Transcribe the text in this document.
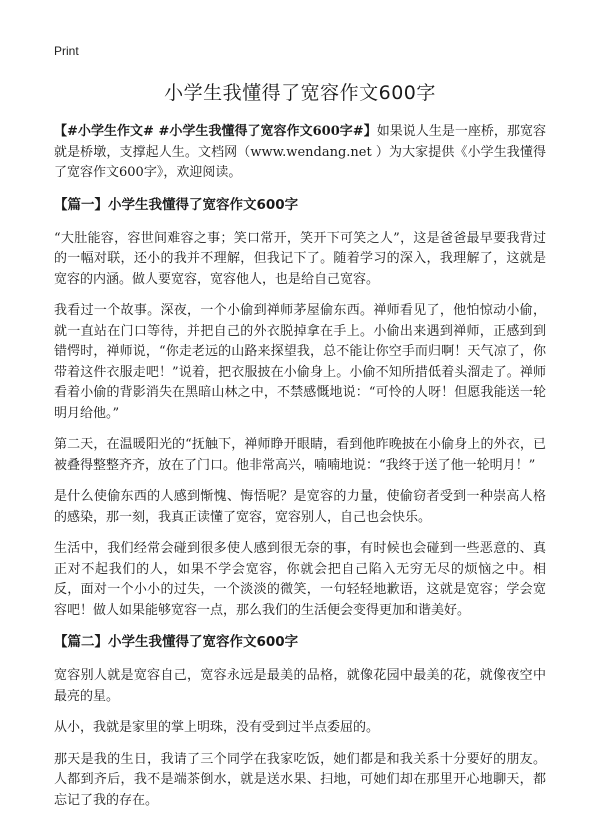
Print
小学生我懂得了宽容作文600字

【#小学生作文# #小学生我懂得了宽容作文600字#】如果说人生是一座桥，那宽容就是桥墩，支撑起人生。文档网（www.wendang.net ）为大家提供《小学生我懂得了宽容作文600字》，欢迎阅读。

【篇一】小学生我懂得了宽容作文600字

“大肚能容，容世间难容之事；笑口常开，笑开下可笑之人”，这是爸爸最早要我背过的一幅对联，还小的我并不理解，但我记下了。随着学习的深入，我理解了，这就是宽容的内涵。做人要宽容，宽容他人，也是给自己宽容。

我看过一个故事。深夜，一个小偷到禅师茅屋偷东西。禅师看见了，他怕惊动小偷，就一直站在门口等待，并把自己的外衣脱掉拿在手上。小偷出来遇到禅师，正感到到错愕时，禅师说，“你走老远的山路来探望我，总不能让你空手而归啊！天气凉了，你带着这件衣服走吧！”说着，把衣服披在小偷身上。小偷不知所措低着头溜走了。禅师看着小偷的背影消失在黑暗山林之中，不禁感慨地说：“可怜的人呀！但愿我能送一轮明月给他。”

第二天，在温暖阳光的“抚触下，禅师睁开眼睛，看到他昨晚披在小偷身上的外衣，已被叠得整整齐齐，放在了门口。他非常高兴，喃喃地说：“我终于送了他一轮明月！”

是什么使偷东西的人感到惭愧、悔悟呢？是宽容的力量，使偷窃者受到一种崇高人格的感染，那一刻，我真正读懂了宽容，宽容别人，自己也会快乐。

生活中，我们经常会碰到很多使人感到很无奈的事，有时候也会碰到一些恶意的、真正对不起我们的人，如果不学会宽容，你就会把自己陷入无穷无尽的烦恼之中。相反，面对一个小小的过失，一个淡淡的微笑，一句轻轻地歉语，这就是宽容；学会宽容吧！做人如果能够宽容一点，那么我们的生活便会变得更加和谐美好。

【篇二】小学生我懂得了宽容作文600字

宽容别人就是宽容自己，宽容永远是最美的品格，就像花园中最美的花，就像夜空中最亮的星。

从小，我就是家里的掌上明珠，没有受到过半点委屈的。

那天是我的生日，我请了三个同学在我家吃饭，她们都是和我关系十分要好的朋友。人都到齐后，我不是端茶倒水，就是送水果、扫地，可她们却在那里开心地聊天，都忘记了我的存在。
